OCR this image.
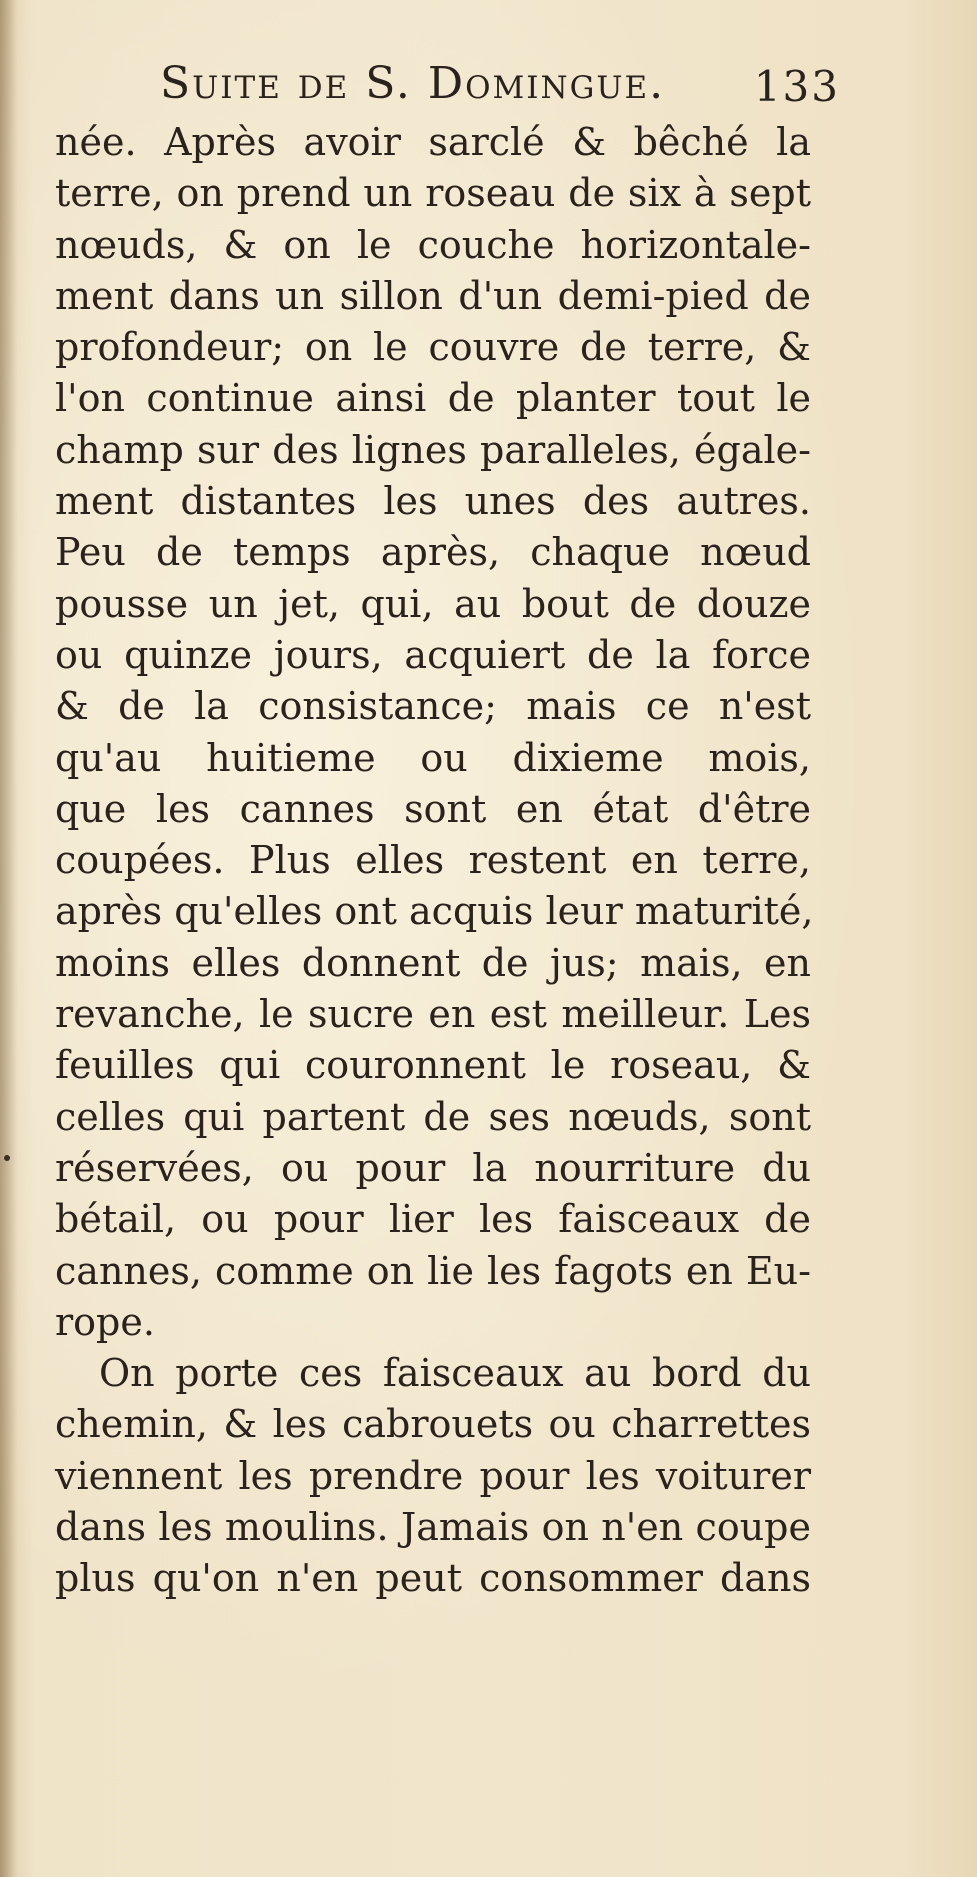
Suite de S. Domingue. 133
née. Après avoir sarclé & bêché la
terre, on prend un roseau de six à sept
nœuds, & on le couche horizontale-
ment dans un sillon d'un demi-pied de
profondeur; on le couvre de terre, &
l'on continue ainsi de planter tout le
champ sur des lignes paralleles, égale-
ment distantes les unes des autres.
Peu de temps après, chaque nœud
pousse un jet, qui, au bout de douze
ou quinze jours, acquiert de la force
& de la consistance; mais ce n'est
qu'au huitieme ou dixieme mois,
que les cannes sont en état d'être
coupées. Plus elles restent en terre,
après qu'elles ont acquis leur maturité,
moins elles donnent de jus; mais, en
revanche, le sucre en est meilleur. Les
feuilles qui couronnent le roseau, &
celles qui partent de ses nœuds, sont
réservées, ou pour la nourriture du
bétail, ou pour lier les faisceaux de
cannes, comme on lie les fagots en Eu-
rope.
On porte ces faisceaux au bord du
chemin, & les cabrouets ou charrettes
viennent les prendre pour les voiturer
dans les moulins. Jamais on n'en coupe
plus qu'on n'en peut consommer dans
